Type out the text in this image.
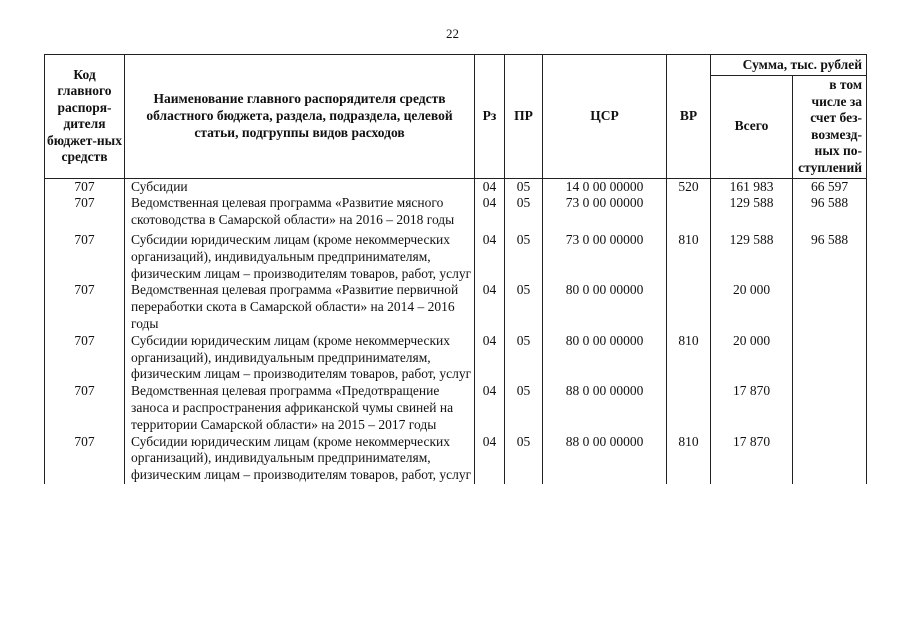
22
Код главного распоря-дителя бюджет-ных средств	Наименование главного распорядителя средств областного бюджета, раздела, подраздела, целевой статьи, подгруппы видов расходов	Рз	ПР	ЦСР	ВР	Сумма, тыс. рублей	
						Всего	в том числе за счет без-возмезд-ных по-ступлений
707	Субсидии	04	05	14 0 00 00000	520	161 983	66 597
707	Ведомственная целевая программа «Развитие мясного скотоводства в Самарской области» на 2016 – 2018 годы	04	05	73 0 00 00000		129 588	96 588

707	Субсидии юридическим лицам (кроме некоммерческих организаций), индивидуальным предпринимателям, физическим лицам – производителям товаров, работ, услуг	04	05	73 0 00 00000	810	129 588	96 588
707	Ведомственная целевая программа «Развитие первичной переработки скота в Самарской области» на 2014 – 2016 годы	04	05	80 0 00 00000		20 000	
707	Субсидии юридическим лицам (кроме некоммерческих организаций), индивидуальным предпринимателям, физическим лицам – производителям товаров, работ, услуг	04	05	80 0 00 00000	810	20 000	
707	Ведомственная целевая программа «Предотвращение заноса и распространения африканской чумы свиней на территории Самарской области» на 2015 – 2017 годы	04	05	88 0 00 00000		17 870	
707	Субсидии юридическим лицам (кроме некоммерческих организаций), индивидуальным предпринимателям, физическим лицам – производителям товаров, работ, услуг	04	05	88 0 00 00000	810	17 870	
